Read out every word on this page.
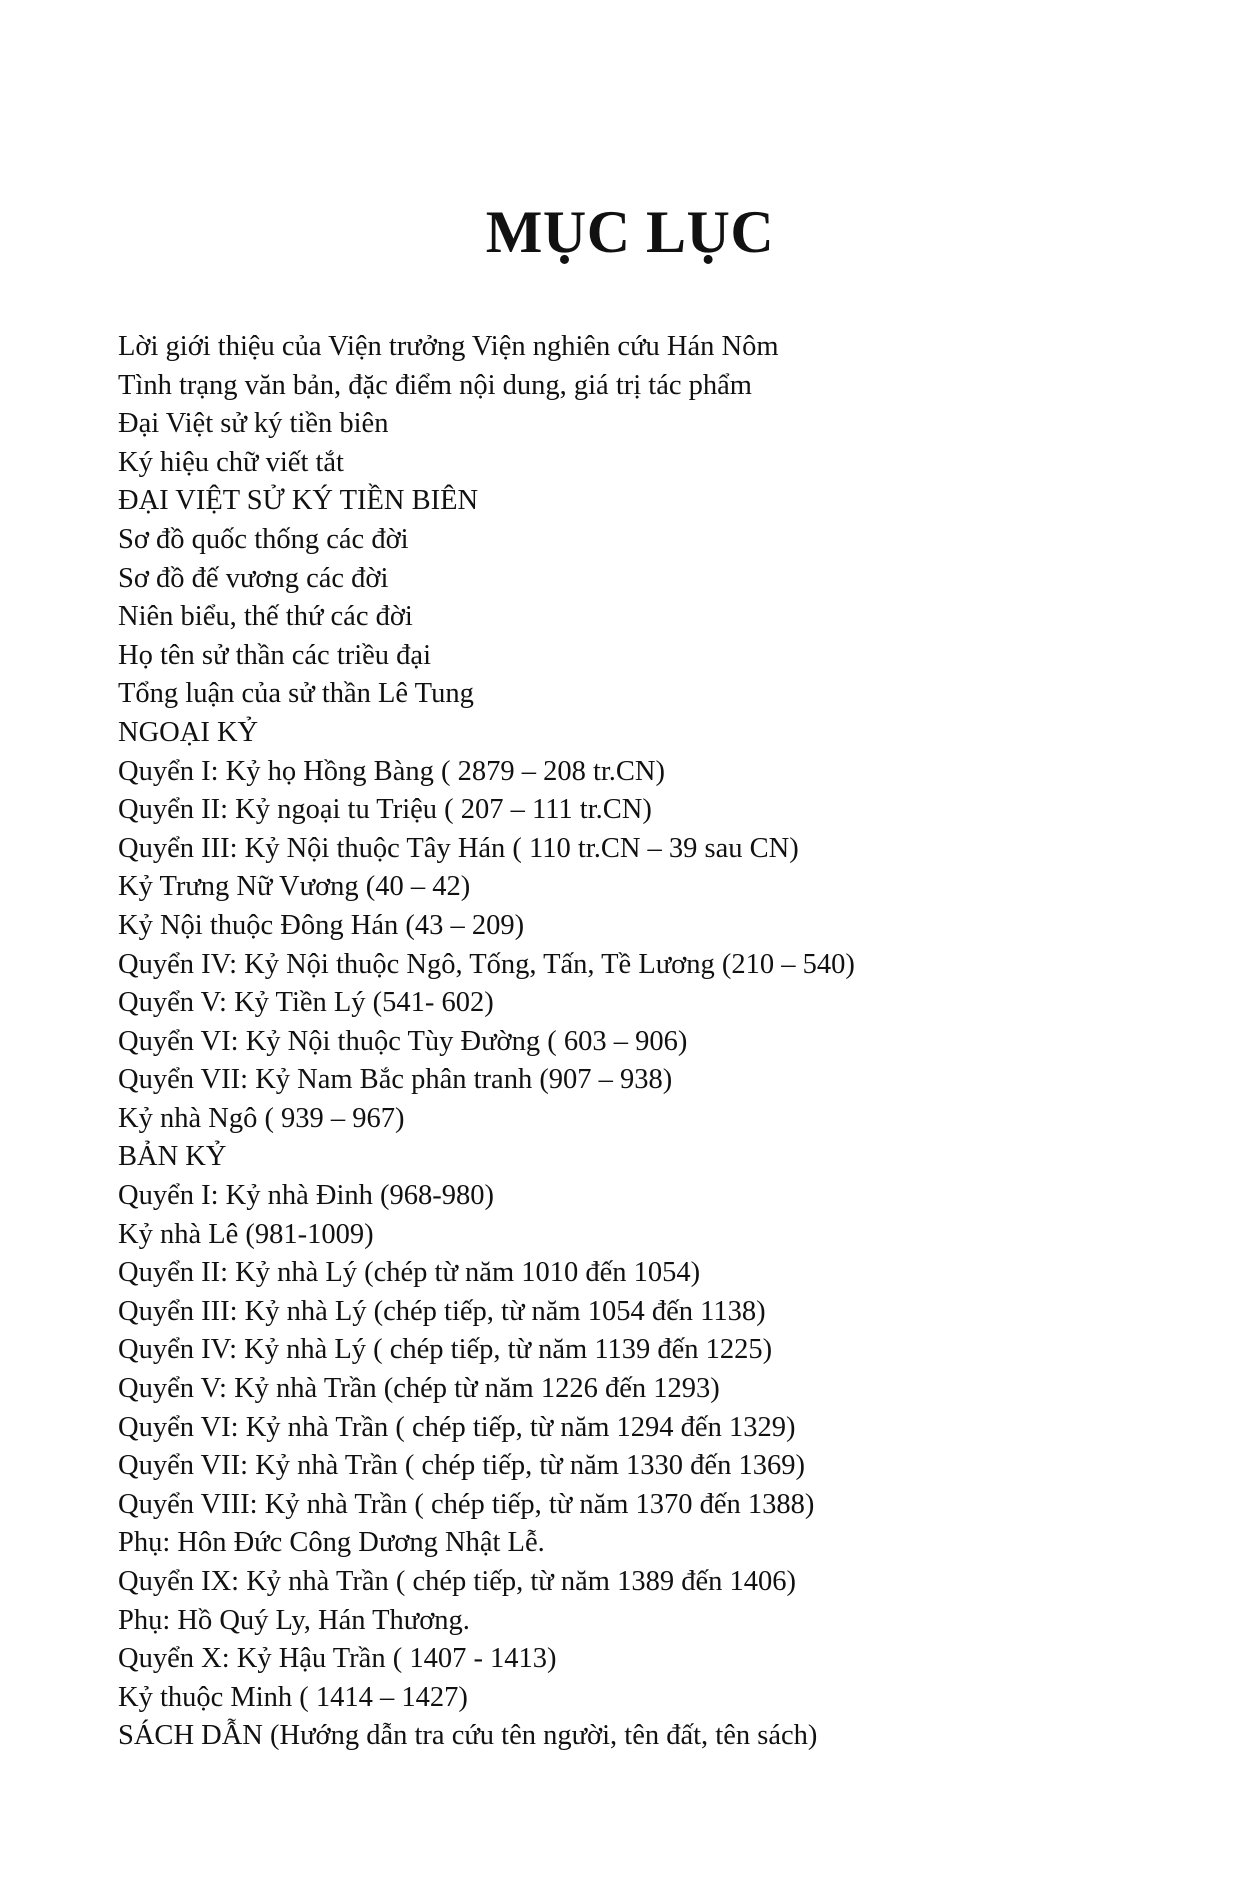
MỤC LỤC
Lời giới thiệu của Viện trưởng Viện nghiên cứu Hán Nôm
Tình trạng văn bản, đặc điểm nội dung, giá trị tác phẩm
Đại Việt sử ký tiền biên
Ký hiệu chữ viết tắt
ĐẠI VIỆT SỬ KÝ TIỀN BIÊN
Sơ đồ quốc thống các đời
Sơ đồ đế vương các đời
Niên biểu, thế thứ các đời
Họ tên sử thần các triều đại
Tổng luận của sử thần Lê Tung
NGOẠI KỶ
Quyển I: Kỷ họ Hồng Bàng ( 2879 – 208 tr.CN)
Quyển II: Kỷ ngoại tu Triệu ( 207 – 111 tr.CN)
Quyển III: Kỷ Nội thuộc Tây Hán ( 110 tr.CN – 39 sau CN)
Kỷ Trưng Nữ Vương (40 – 42)
Kỷ Nội thuộc Đông Hán (43 – 209)
Quyển IV: Kỷ Nội thuộc Ngô, Tống, Tấn, Tề Lương (210 – 540)
Quyển V: Kỷ Tiền Lý (541- 602)
Quyển VI: Kỷ Nội thuộc Tùy Đường ( 603 – 906)
Quyển VII: Kỷ Nam Bắc phân tranh (907 – 938)
Kỷ nhà Ngô ( 939 – 967)
BẢN KỶ
Quyển I: Kỷ nhà Đinh (968-980)
Kỷ nhà Lê (981-1009)
Quyển II: Kỷ nhà Lý (chép từ năm 1010 đến 1054)
Quyển III: Kỷ nhà Lý (chép tiếp, từ năm 1054 đến 1138)
Quyển IV: Kỷ nhà Lý ( chép tiếp, từ năm 1139 đến 1225)
Quyển V: Kỷ nhà Trần (chép từ năm 1226 đến 1293)
Quyển VI: Kỷ nhà Trần ( chép tiếp, từ năm 1294 đến 1329)
Quyển VII: Kỷ nhà Trần ( chép tiếp, từ năm 1330 đến 1369)
Quyển VIII: Kỷ nhà Trần ( chép tiếp, từ năm 1370 đến 1388)
Phụ: Hôn Đức Công Dương Nhật Lễ.
Quyển IX: Kỷ nhà Trần ( chép tiếp, từ năm 1389 đến 1406)
Phụ: Hồ Quý Ly, Hán Thương.
Quyển X: Kỷ Hậu Trần ( 1407 - 1413)
Kỷ thuộc Minh ( 1414 – 1427)
SÁCH DẪN (Hướng dẫn tra cứu tên người, tên đất, tên sách)
